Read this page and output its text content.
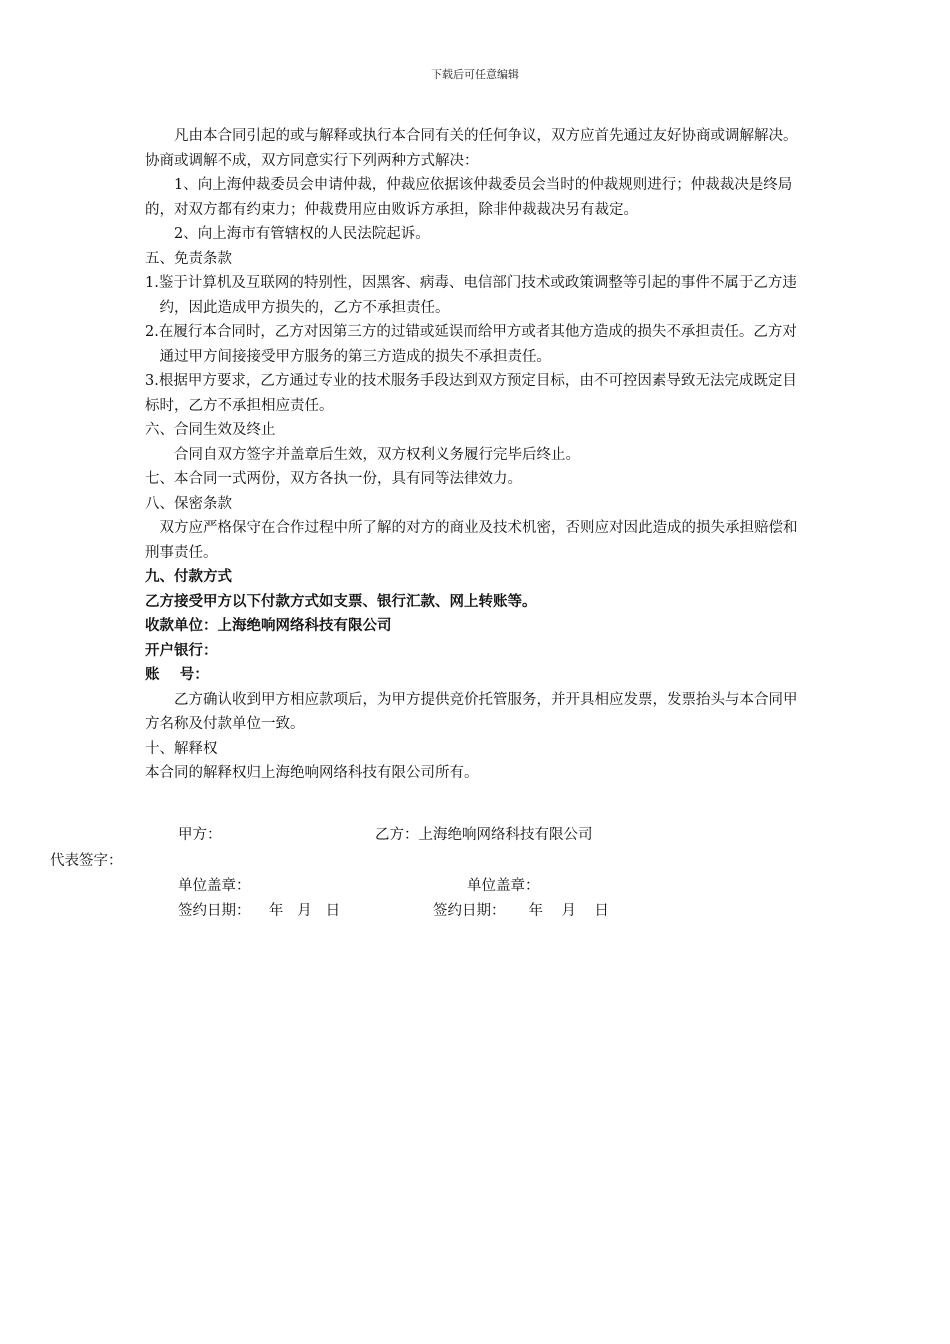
下载后可任意编辑

凡由本合同引起的或与解释或执行本合同有关的任何争议，双方应首先通过友好协商或调解解决。协商或调解不成，双方同意实行下列两种方式解决：

1、向上海仲裁委员会申请仲裁，仲裁应依据该仲裁委员会当时的仲裁规则进行；仲裁裁决是终局的，对双方都有约束力；仲裁费用应由败诉方承担，除非仲裁裁决另有裁定。

2、向上海市有管辖权的人民法院起诉。

五、免责条款

1.鉴于计算机及互联网的特别性，因黑客、病毒、电信部门技术或政策调整等引起的事件不属于乙方违约，因此造成甲方损失的，乙方不承担责任。

2.在履行本合同时，乙方对因第三方的过错或延误而给甲方或者其他方造成的损失不承担责任。乙方对通过甲方间接接受甲方服务的第三方造成的损失不承担责任。

3.根据甲方要求，乙方通过专业的技术服务手段达到双方预定目标，由不可控因素导致无法完成既定目标时，乙方不承担相应责任。

六、合同生效及终止

合同自双方签字并盖章后生效，双方权利义务履行完毕后终止。

七、本合同一式两份，双方各执一份，具有同等法律效力。

八、保密条款

双方应严格保守在合作过程中所了解的对方的商业及技术机密，否则应对因此造成的损失承担赔偿和刑事责任。

九、付款方式

乙方接受甲方以下付款方式如支票、银行汇款、网上转账等。

收款单位：上海绝响网络科技有限公司

开户银行：

账    号：

乙方确认收到甲方相应款项后，为甲方提供竞价托管服务，并开具相应发票，发票抬头与本合同甲方名称及付款单位一致。

十、解释权

本合同的解释权归上海绝响网络科技有限公司所有。

甲方：	乙方：上海绝响网络科技有限公司
代表签字：
单位盖章：	单位盖章：
签约日期：    年   月   日	签约日期：     年    月    日
